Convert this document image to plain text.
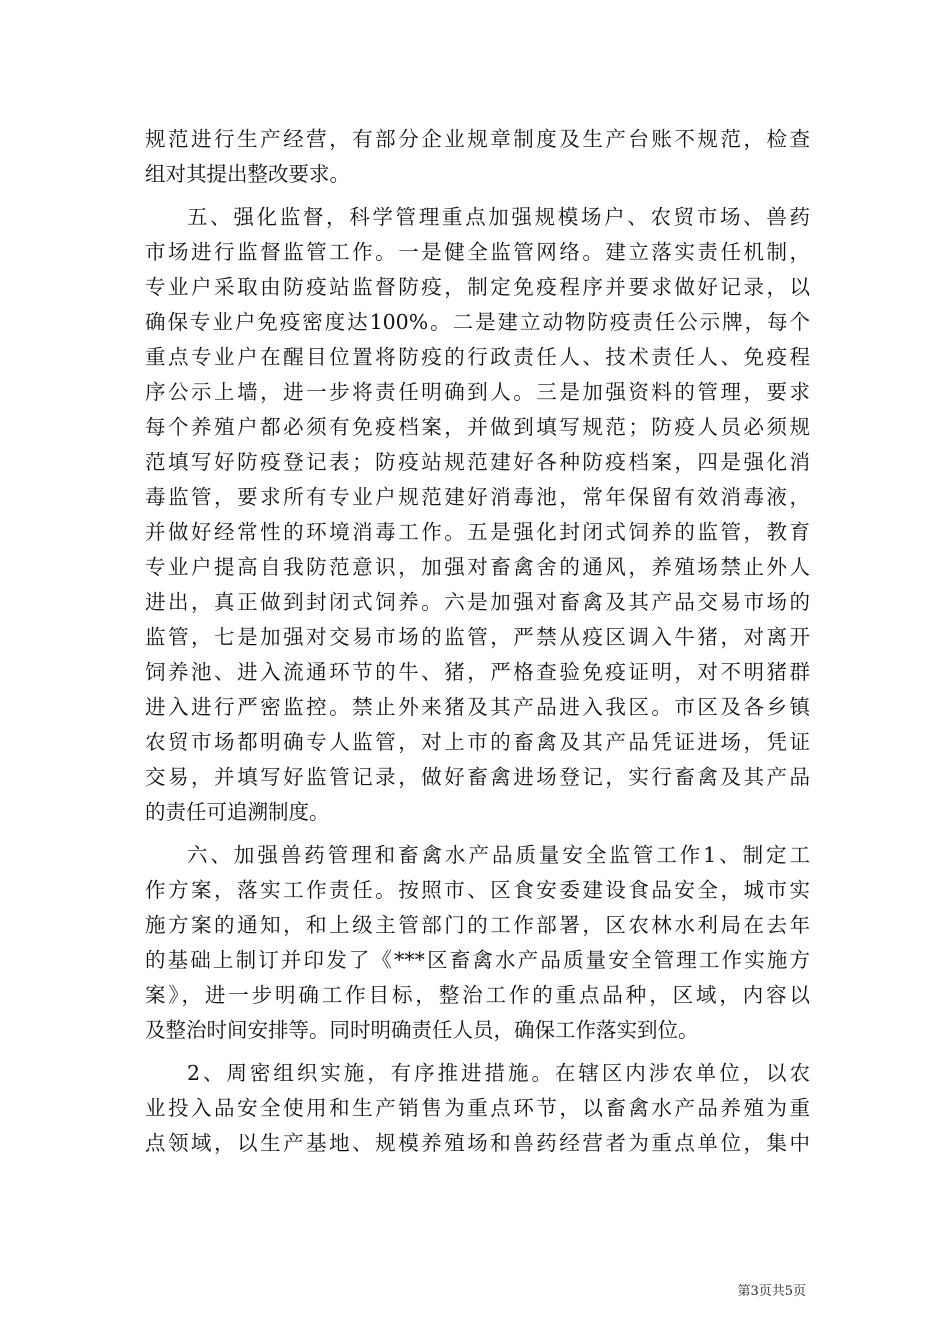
规范进行生产经营，有部分企业规章制度及生产台账不规范，检查
组对其提出整改要求。
五、强化监督，科学管理重点加强规模场户、农贸市场、兽药
市场进行监督监管工作。一是健全监管网络。建立落实责任机制，
专业户采取由防疫站监督防疫，制定免疫程序并要求做好记录，以
确保专业户免疫密度达100%。二是建立动物防疫责任公示牌，每个
重点专业户在醒目位置将防疫的行政责任人、技术责任人、免疫程
序公示上墙，进一步将责任明确到人。三是加强资料的管理，要求
每个养殖户都必须有免疫档案，并做到填写规范；防疫人员必须规
范填写好防疫登记表；防疫站规范建好各种防疫档案，四是强化消
毒监管，要求所有专业户规范建好消毒池，常年保留有效消毒液，
并做好经常性的环境消毒工作。五是强化封闭式饲养的监管，教育
专业户提高自我防范意识，加强对畜禽舍的通风，养殖场禁止外人
进出，真正做到封闭式饲养。六是加强对畜禽及其产品交易市场的
监管，七是加强对交易市场的监管，严禁从疫区调入牛猪，对离开
饲养池、进入流通环节的牛、猪，严格查验免疫证明，对不明猪群
进入进行严密监控。禁止外来猪及其产品进入我区。市区及各乡镇
农贸市场都明确专人监管，对上市的畜禽及其产品凭证进场，凭证
交易，并填写好监管记录，做好畜禽进场登记，实行畜禽及其产品
的责任可追溯制度。
六、加强兽药管理和畜禽水产品质量安全监管工作1、制定工
作方案，落实工作责任。按照市、区食安委建设食品安全，城市实
施方案的通知，和上级主管部门的工作部署，区农林水利局在去年
的基础上制订并印发了《***区畜禽水产品质量安全管理工作实施方
案》，进一步明确工作目标，整治工作的重点品种，区域，内容以
及整治时间安排等。同时明确责任人员，确保工作落实到位。
2、周密组织实施，有序推进措施。在辖区内涉农单位，以农
业投入品安全使用和生产销售为重点环节，以畜禽水产品养殖为重
点领域，以生产基地、规模养殖场和兽药经营者为重点单位，集中
第3页共5页
